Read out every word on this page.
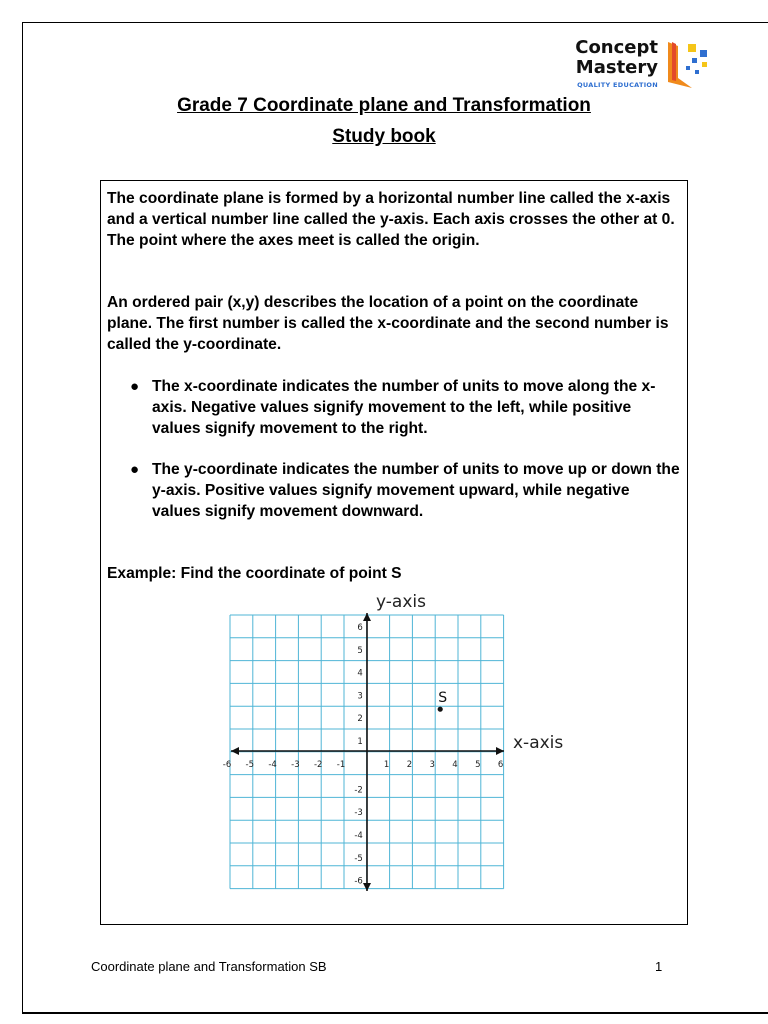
Concept
Mastery
QUALITY EDUCATION
Grade 7 Coordinate plane and Transformation
Study book

The coordinate plane is formed by a horizontal number line called the x-axis and a vertical number line called the y-axis. Each axis crosses the other at 0. The point where the axes meet is called the origin.

An ordered pair (x,y) describes the location of a point on the coordinate plane. The first number is called the x-coordinate and the second number is called the y-coordinate.

● The x-coordinate indicates the number of units to move along the x-axis. Negative values signify movement to the left, while positive values signify movement to the right.

● The y-coordinate indicates the number of units to move up or down the y-axis. Positive values signify movement upward, while negative values signify movement downward.

Example: Find the coordinate of point S
y-axis
x-axis
-6 -5 -4 -3 -2 -1	1 2 3 4 5 6
6
5
4
3
2
1
-2
-3
-4
-5
-6
S
Coordinate plane and Transformation SB	1
